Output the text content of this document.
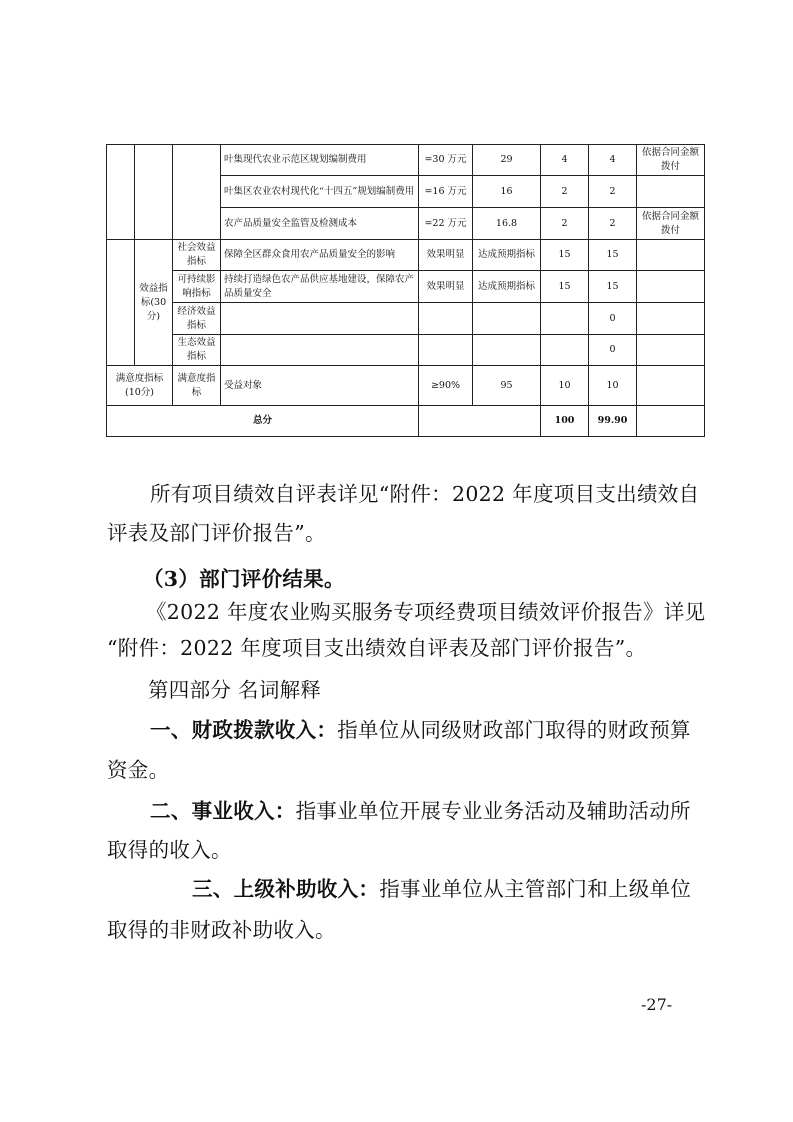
			叶集现代农业示范区规划编制费用	=30 万元	29	4	4	依据合同金额拨付
			叶集区农业农村现代化“十四五”规划编制费用	=16 万元	16	2	2	
			农产品质量安全监管及检测成本	=22 万元	16.8	2	2	依据合同金额拨付
	效益指标(30分)	社会效益指标	保障全区群众食用农产品质量安全的影响	效果明显	达成预期指标	15	15	
		可持续影响指标	持续打造绿色农产品供应基地建设，保障农产品质量安全	效果明显	达成预期指标	15	15	
		经济效益指标					0	
		生态效益指标					0	
满意度指标(10分)		满意度指标	受益对象	≥90%	95	10	10	
总分						100	99.90	
所有项目绩效自评表详见“附件：2022 年度项目支出绩效自
评表及部门评价报告”。
（3）部门评价结果。
《2022 年度农业购买服务专项经费项目绩效评价报告》详见
“附件：2022 年度项目支出绩效自评表及部门评价报告”。
第四部分 名词解释
一、财政拨款收入：指单位从同级财政部门取得的财政预算
资金。
二、事业收入：指事业单位开展专业业务活动及辅助活动所
取得的收入。
三、上级补助收入：指事业单位从主管部门和上级单位
取得的非财政补助收入。
-27-
